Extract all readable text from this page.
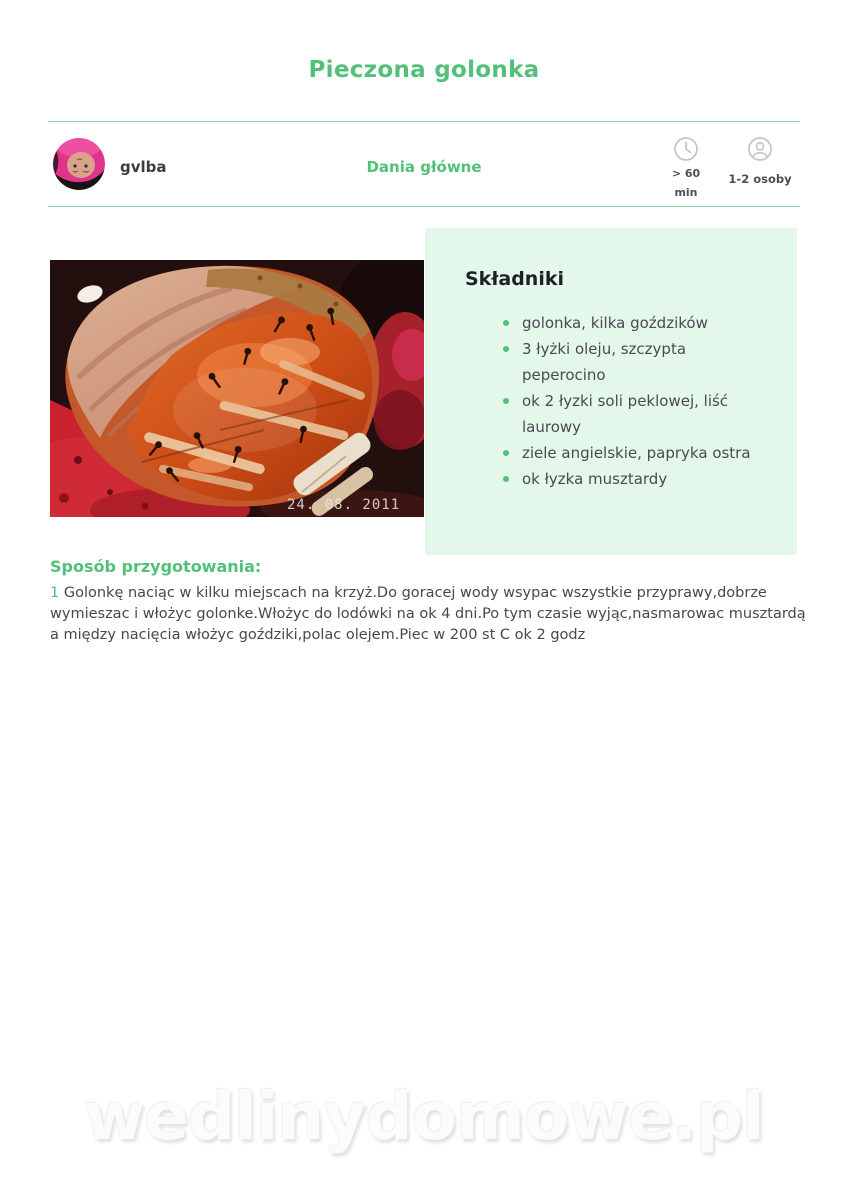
Pieczona golonka
gvlba	Dania główne	> 60
min
1-2 osoby
Składniki
golonka, kilka goździków
3 łyżki oleju, szczypta peperocino
ok 2 łyzki soli peklowej, liść laurowy
ziele angielskie, papryka ostra
ok łyzka musztardy
24. 08. 2011
Sposób przygotowania:

1 Golonkę naciąc w kilku miejscach na krzyż.Do goracej wody wsypac wszystkie przyprawy,dobrze wymieszac i włożyc golonke.Włożyc do lodówki na ok 4 dni.Po tym czasie wyjąc,nasmarowac musztardą a między nacięcia włożyc goździki,polac olejem.Piec w 200 st C ok 2 godz

wedlinydomowe.pl
